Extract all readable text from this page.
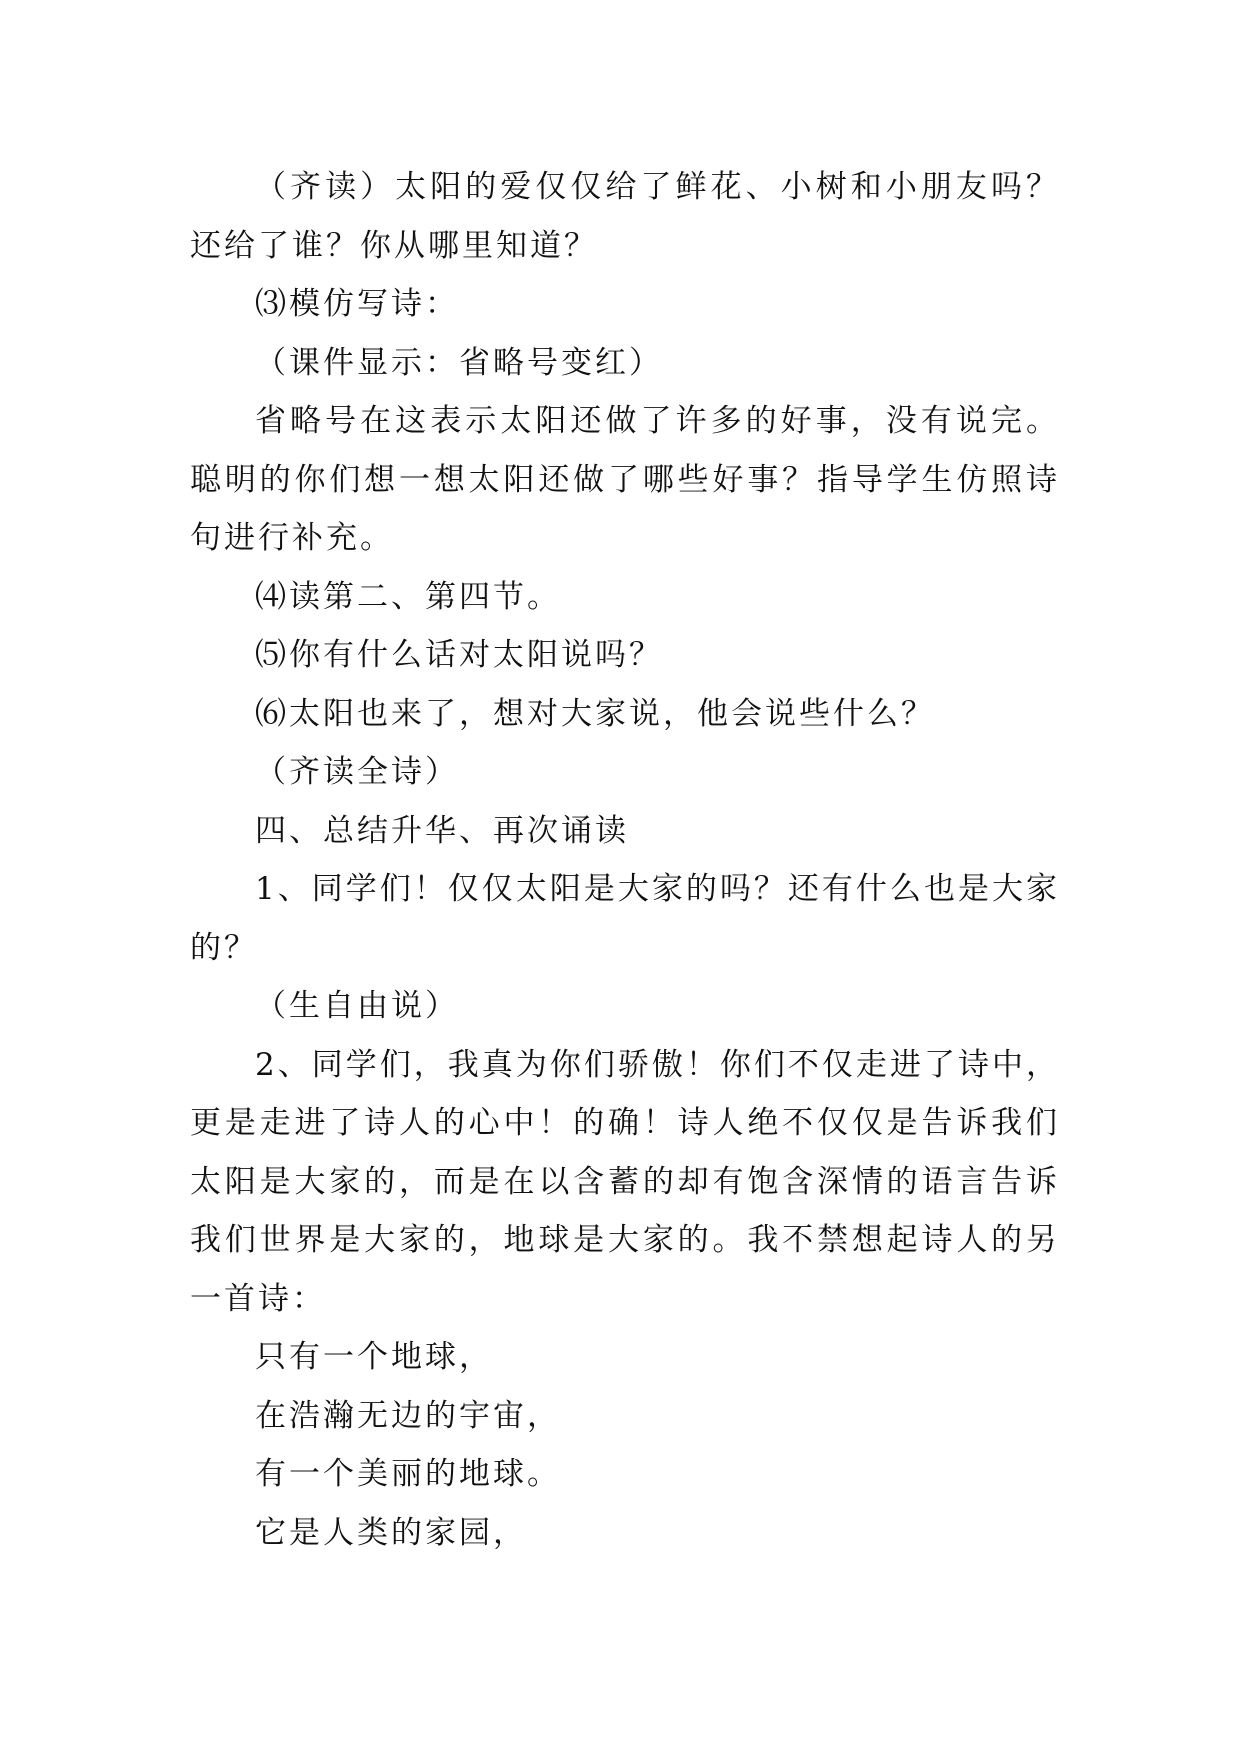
（齐读）太阳的爱仅仅给了鲜花、小树和小朋友吗？还给了谁？你从哪里知道？

⑶模仿写诗：

（课件显示：省略号变红）

省略号在这表示太阳还做了许多的好事，没有说完。聪明的你们想一想太阳还做了哪些好事？指导学生仿照诗句进行补充。

⑷读第二、第四节。

⑸你有什么话对太阳说吗？

⑹太阳也来了，想对大家说，他会说些什么？

（齐读全诗）

四、总结升华、再次诵读

1、同学们！仅仅太阳是大家的吗？还有什么也是大家的？

（生自由说）

2、同学们，我真为你们骄傲！你们不仅走进了诗中，更是走进了诗人的心中！的确！诗人绝不仅仅是告诉我们太阳是大家的，而是在以含蓄的却有饱含深情的语言告诉我们世界是大家的，地球是大家的。我不禁想起诗人的另一首诗：

只有一个地球，

在浩瀚无边的宇宙，

有一个美丽的地球。

它是人类的家园，
